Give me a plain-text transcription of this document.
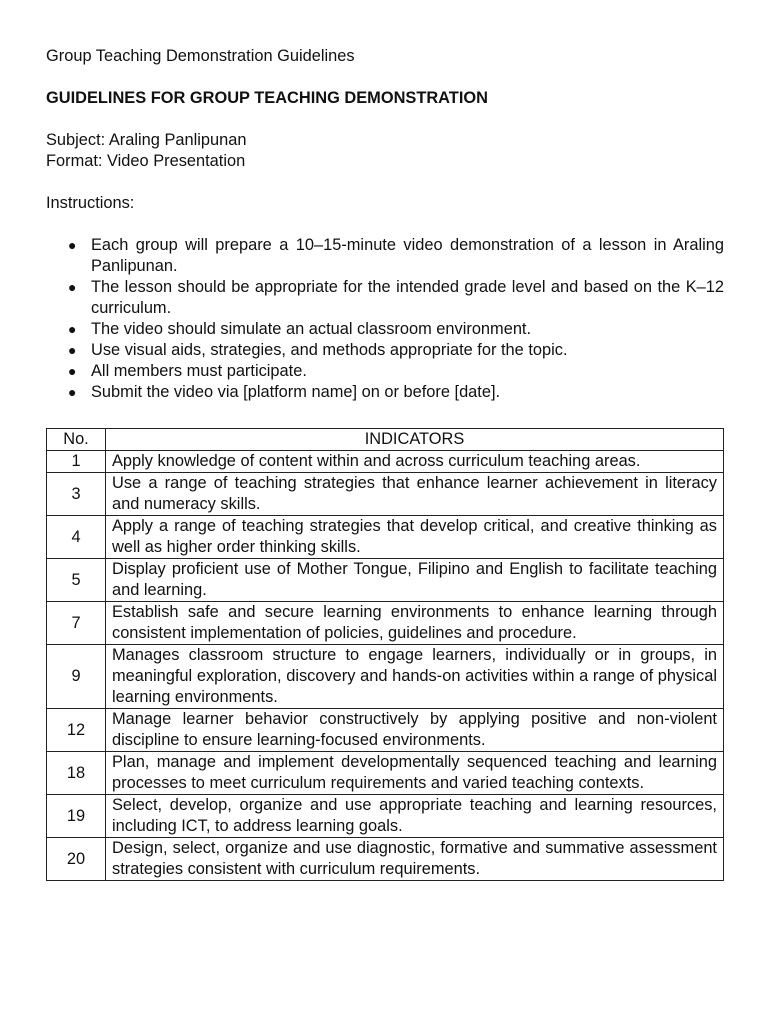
Group Teaching Demonstration Guidelines
GUIDELINES FOR GROUP TEACHING DEMONSTRATION
Subject: Araling Panlipunan
Format: Video Presentation
Instructions:
● Each group will prepare a 10–15-minute video demonstration of a lesson in Araling Panlipunan.
● The lesson should be appropriate for the intended grade level and based on the K–12 curriculum.
● The video should simulate an actual classroom environment.
● Use visual aids, strategies, and methods appropriate for the topic.
● All members must participate.
● Submit the video via [platform name] on or before [date].
No.	INDICATORS
1	Apply knowledge of content within and across curriculum teaching areas.
3	Use a range of teaching strategies that enhance learner achievement in literacy and numeracy skills.
4	Apply a range of teaching strategies that develop critical, and creative thinking as well as higher order thinking skills.
5	Display proficient use of Mother Tongue, Filipino and English to facilitate teaching and learning.
7	Establish safe and secure learning environments to enhance learning through consistent implementation of policies, guidelines and procedure.
9	Manages classroom structure to engage learners, individually or in groups, in meaningful exploration, discovery and hands-on activities within a range of physical learning environments.
12	Manage learner behavior constructively by applying positive and non-violent discipline to ensure learning-focused environments.
18	Plan, manage and implement developmentally sequenced teaching and learning processes to meet curriculum requirements and varied teaching contexts.
19	Select, develop, organize and use appropriate teaching and learning resources, including ICT, to address learning goals.
20	Design, select, organize and use diagnostic, formative and summative assessment strategies consistent with curriculum requirements.
